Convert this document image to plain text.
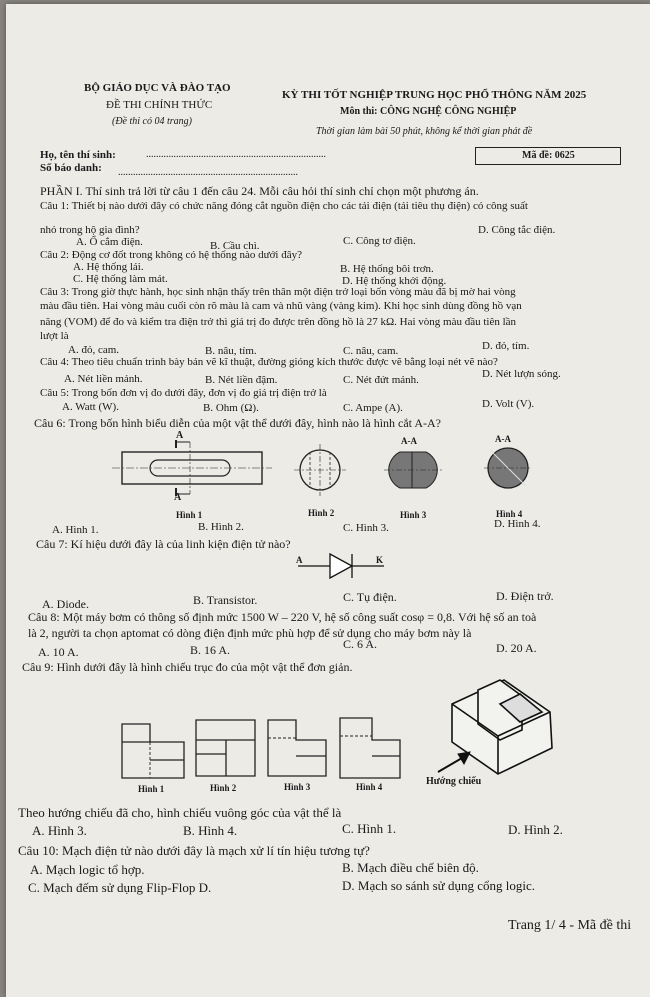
BỘ GIÁO DỤC VÀ ĐÀO TẠO
ĐỀ THI CHÍNH THỨC
(Đề thi có 04 trang)
KỲ THI TỐT NGHIỆP TRUNG HỌC PHỔ THÔNG NĂM 2025
Môn thi: CÔNG NGHỆ CÔNG NGHIỆP
Thời gian làm bài 50 phút, không kể thời gian phát đề
Họ, tên thí sinh:	........................................................................
Số báo danh: ........................................................................
Mã đề: 0625
PHẦN I. Thí sinh trả lời từ câu 1 đến câu 24. Mỗi câu hỏi thí sinh chỉ chọn một phương án.
Câu 1: Thiết bị nào dưới đây có chức năng đóng cắt nguồn điện cho các tải điện (tải tiêu thụ điện) có công suất
nhỏ trong hộ gia đình?
A. Ổ cắm điện.	B. Cầu chì.	C. Công tơ điện.
D. Công tắc điện.
Câu 2: Động cơ đốt trong không có hệ thống nào dưới đây?
A. Hệ thống lái.	B. Hệ thống bôi trơn.
C. Hệ thống làm mát.	D. Hệ thống khởi động.
Câu 3: Trong giờ thực hành, học sinh nhận thấy trên thân một điện trở loại bốn vòng màu đã bị mờ hai vòng
màu đầu tiên. Hai vòng màu cuối còn rõ màu là cam và nhũ vàng (vàng kim). Khi học sinh dùng đồng hồ vạn
năng (VOM) để đo và kiểm tra điện trở thì giá trị đo được trên đồng hồ là 27 kΩ. Hai vòng màu đầu tiên lần
lượt là
A. đỏ, cam.	B. nâu, tím.	C. nâu, cam.	D. đỏ, tím.
Câu 4: Theo tiêu chuẩn trình bày bản vẽ kĩ thuật, đường gióng kích thước được vẽ bằng loại nét vẽ nào?
A. Nét liền mảnh.	B. Nét liền đậm.	C. Nét đứt mảnh.	D. Nét lượn sóng.
Câu 5: Trong bốn đơn vị đo dưới đây, đơn vị đo giá trị điện trở là
A. Watt (W).	B. Ohm (Ω).	C. Ampe (A).	D. Volt (V).
Câu 6: Trong bốn hình biểu diễn của một vật thể dưới đây, hình nào là hình cắt A-A?
A
A
A-A	A-A
Hình 1	Hình 2	Hình 3	Hình 4
A. Hình 1.	B. Hình 2.	C. Hình 3.	D. Hình 4.
Câu 7: Kí hiệu dưới đây là của linh kiện điện tử nào?
A	K
A. Diode.	B. Transistor.	C. Tụ điện.	D. Điện trở.
Câu 8: Một máy bơm có thông số định mức 1500 W – 220 V, hệ số công suất cosφ = 0,8. Với hệ số an toà
là 2, người ta chọn aptomat có dòng điện định mức phù hợp để sử dụng cho máy bơm này là
A. 10 A.	B. 16 A.	C. 6 A.	D. 20 A.
Câu 9: Hình dưới đây là hình chiếu trục đo của một vật thể đơn giản.
Hình 1	Hình 2	Hình 3	Hình 4	Hướng chiếu
Theo hướng chiếu đã cho, hình chiếu vuông góc của vật thể là
A. Hình 3.	B. Hình 4.	C. Hình 1.	D. Hình 2.
Câu 10: Mạch điện tử nào dưới đây là mạch xử lí tín hiệu tương tự?
A. Mạch logic tổ hợp.	B. Mạch điều chế biên độ.
C. Mạch đếm sử dụng Flip-Flop D.	D. Mạch so sánh sử dụng cổng logic.
Trang 1/ 4 - Mã đề thi
